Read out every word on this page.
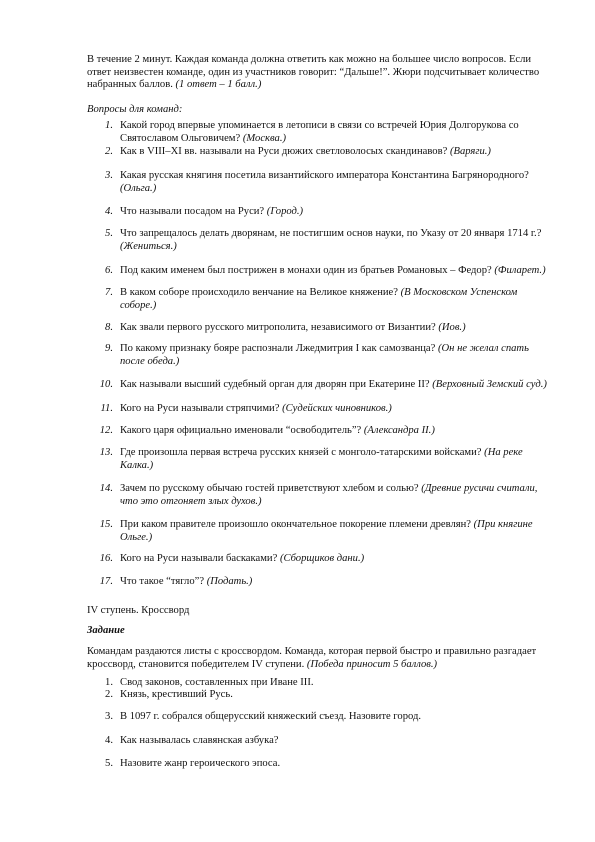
В течение 2 минут. Каждая команда должна ответить как можно на большее число вопросов. Если ответ неизвестен команде, один из участников говорит: “Дальше!”. Жюри подсчитывает количество набранных баллов. (1 ответ – 1 балл.)

Вопросы для команд:

1. Какой город впервые упоминается в летописи в связи со встречей Юрия Долгорукова со Святославом Ольговичем? (Москва.)
2. Как в VIII–XI вв. называли на Руси дюжих светловолосых скандинавов? (Варяги.)
3. Какая русская княгиня посетила византийского императора Константина Багрянородного? (Ольга.)
4. Что называли посадом на Руси? (Город.)
5. Что запрещалось делать дворянам, не постигшим основ науки, по Указу от 20 января 1714 г.? (Жениться.)
6. Под каким именем был пострижен в монахи один из братьев Романовых – Федор? (Филарет.)
7. В каком соборе происходило венчание на Великое княжение? (В Московском Успенском соборе.)
8. Как звали первого русского митрополита, независимого от Византии? (Иов.)
9. По какому признаку бояре распознали Лжедмитрия I как самозванца? (Он не желал спать после обеда.)
10. Как называли высший судебный орган для дворян при Екатерине II? (Верховный Земский суд.)
11. Кого на Руси называли стряпчими? (Судейских чиновников.)
12. Какого царя официально именовали “освободитель”? (Александра II.)
13. Где произошла первая встреча русских князей с монголо-татарскими войсками? (На реке Калка.)
14. Зачем по русскому обычаю гостей приветствуют хлебом и солью? (Древние русичи считали, что это отгоняет злых духов.)
15. При каком правителе произошло окончательное покорение племени древлян? (При княгине Ольге.)
16. Кого на Руси называли баскаками? (Сборщиков дани.)
17. Что такое “тягло”? (Подать.)

IV ступень. Кроссворд

Задание

Командам раздаются листы с кроссвордом. Команда, которая первой быстро и правильно разгадает кроссворд, становится победителем IV ступени. (Победа приносит 5 баллов.)

1. Свод законов, составленных при Иване III.
2. Князь, крестивший Русь.
3. В 1097 г. собрался общерусский княжеский съезд. Назовите город.
4. Как называлась славянская азбука?
5. Назовите жанр героического эпоса.
